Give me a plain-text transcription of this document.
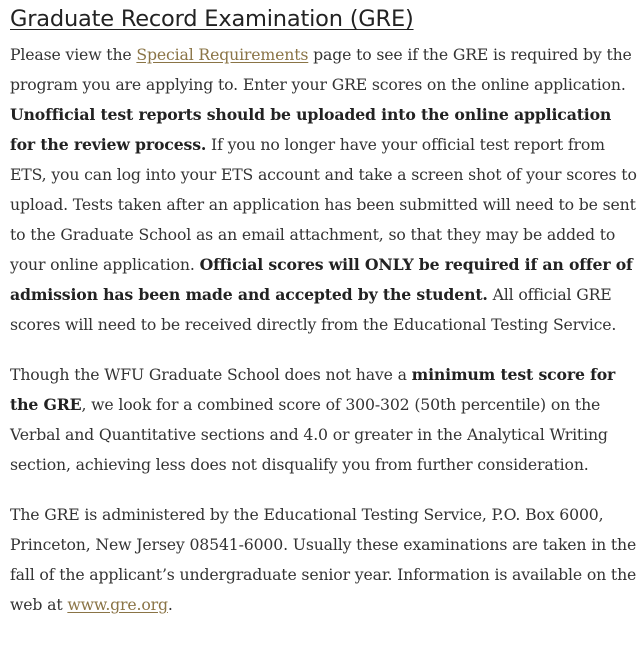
Graduate Record Examination (GRE)

Please view the Special Requirements page to see if the GRE is required by the program you are applying to. Enter your GRE scores on the online application. Unofficial test reports should be uploaded into the online application for the review process. If you no longer have your official test report from ETS, you can log into your ETS account and take a screen shot of your scores to upload. Tests taken after an application has been submitted will need to be sent to the Graduate School as an email attachment, so that they may be added to your online application. Official scores will ONLY be required if an offer of admission has been made and accepted by the student. All official GRE scores will need to be received directly from the Educational Testing Service.

Though the WFU Graduate School does not have a minimum test score for the GRE, we look for a combined score of 300-302 (50th percentile) on the Verbal and Quantitative sections and 4.0 or greater in the Analytical Writing section, achieving less does not disqualify you from further consideration.

The GRE is administered by the Educational Testing Service, P.O. Box 6000, Princeton, New Jersey 08541-6000. Usually these examinations are taken in the fall of the applicant’s undergraduate senior year. Information is available on the web at www.gre.org.
